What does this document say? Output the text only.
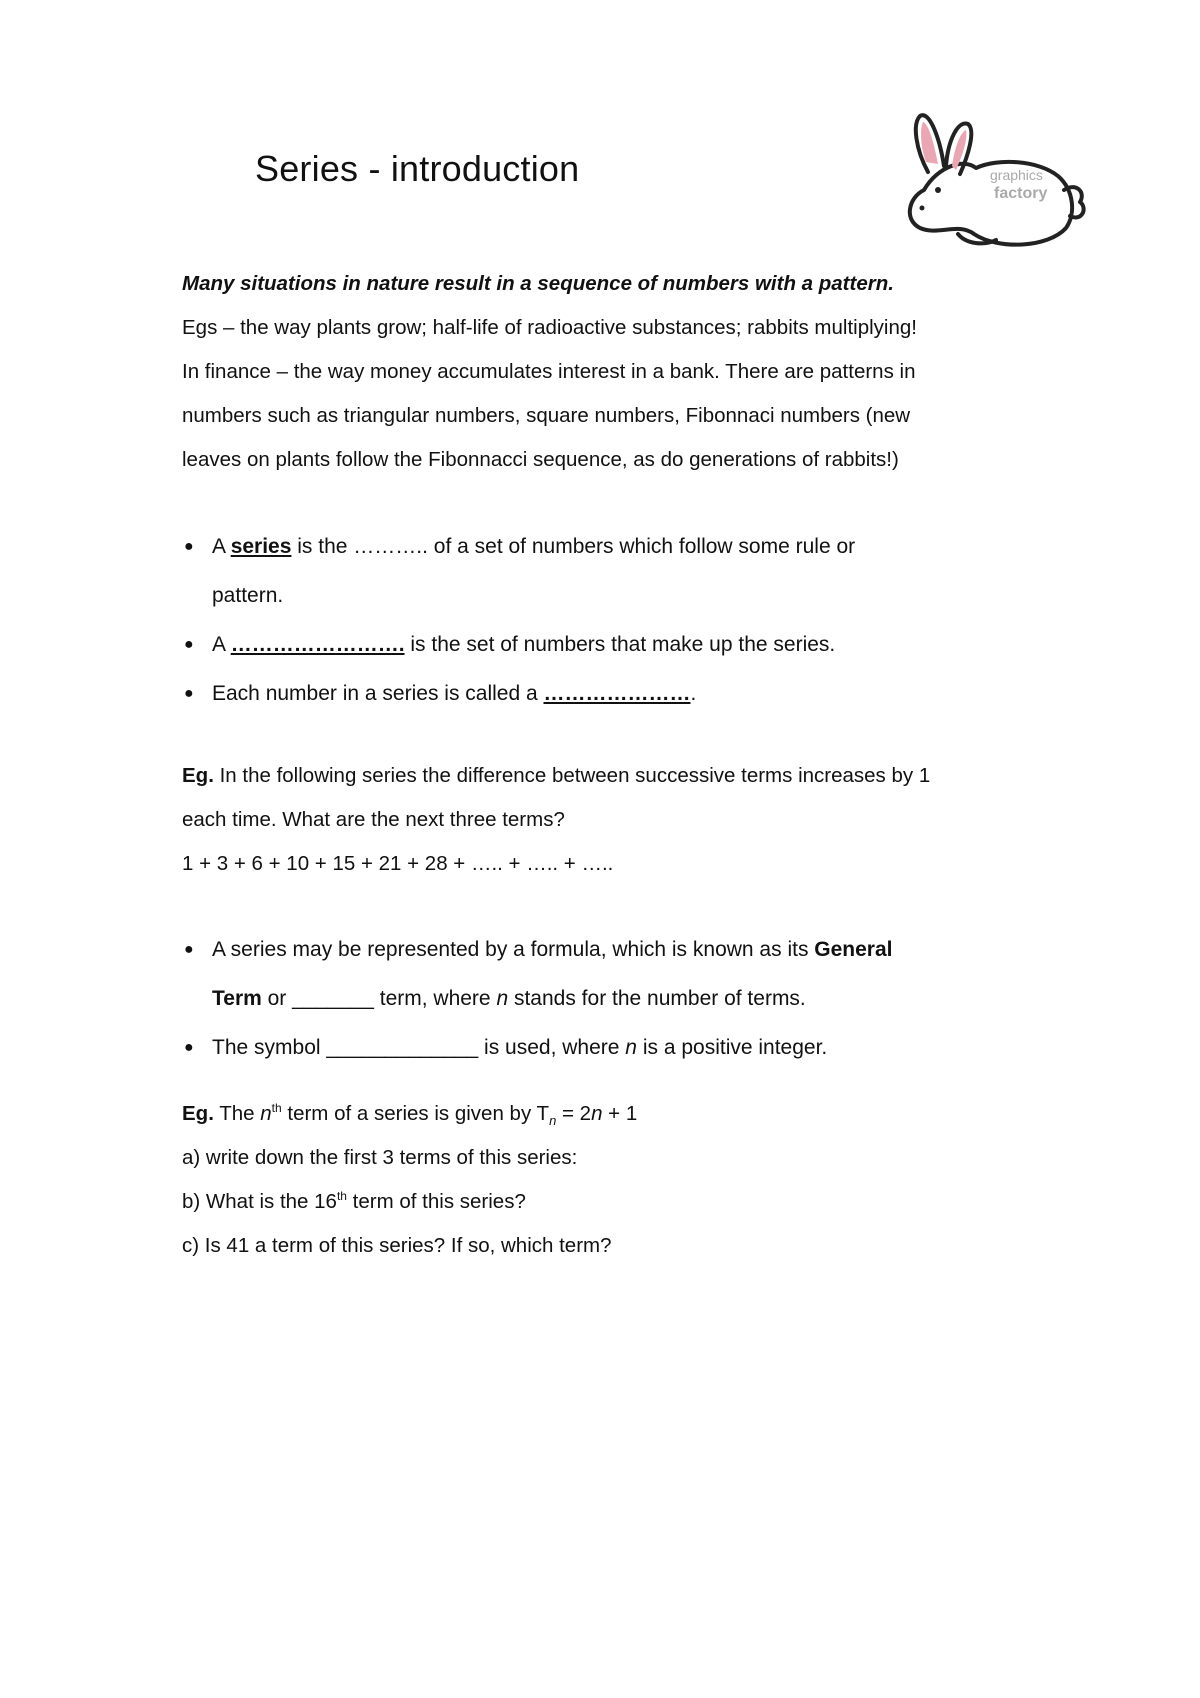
Series - introduction	graphics
factory
Many situations in nature result in a sequence of numbers with a pattern.
Egs – the way plants grow; half-life of radioactive substances; rabbits multiplying!
In finance – the way money accumulates interest in a bank. There are patterns in
numbers such as triangular numbers, square numbers, Fibonnaci numbers (new
leaves on plants follow the Fibonnacci sequence, as do generations of rabbits!)
● A series is the ……….. of a set of numbers which follow some rule or
pattern.
● A ……………………. is the set of numbers that make up the series.
● Each number in a series is called a ………………….
Eg. In the following series the difference between successive terms increases by 1
each time. What are the next three terms?
1 + 3 + 6 + 10 + 15 + 21 + 28 + ….. + ….. + …..
● A series may be represented by a formula, which is known as its General
Term or _______ term, where n stands for the number of terms.
● The symbol _____________ is used, where n is a positive integer.
Eg. The $n^{th}$ term of a series is given by $T_n = 2n + 1$
a) write down the first 3 terms of this series:
b) What is the 16th term of this series?
c) Is 41 a term of this series? If so, which term?
